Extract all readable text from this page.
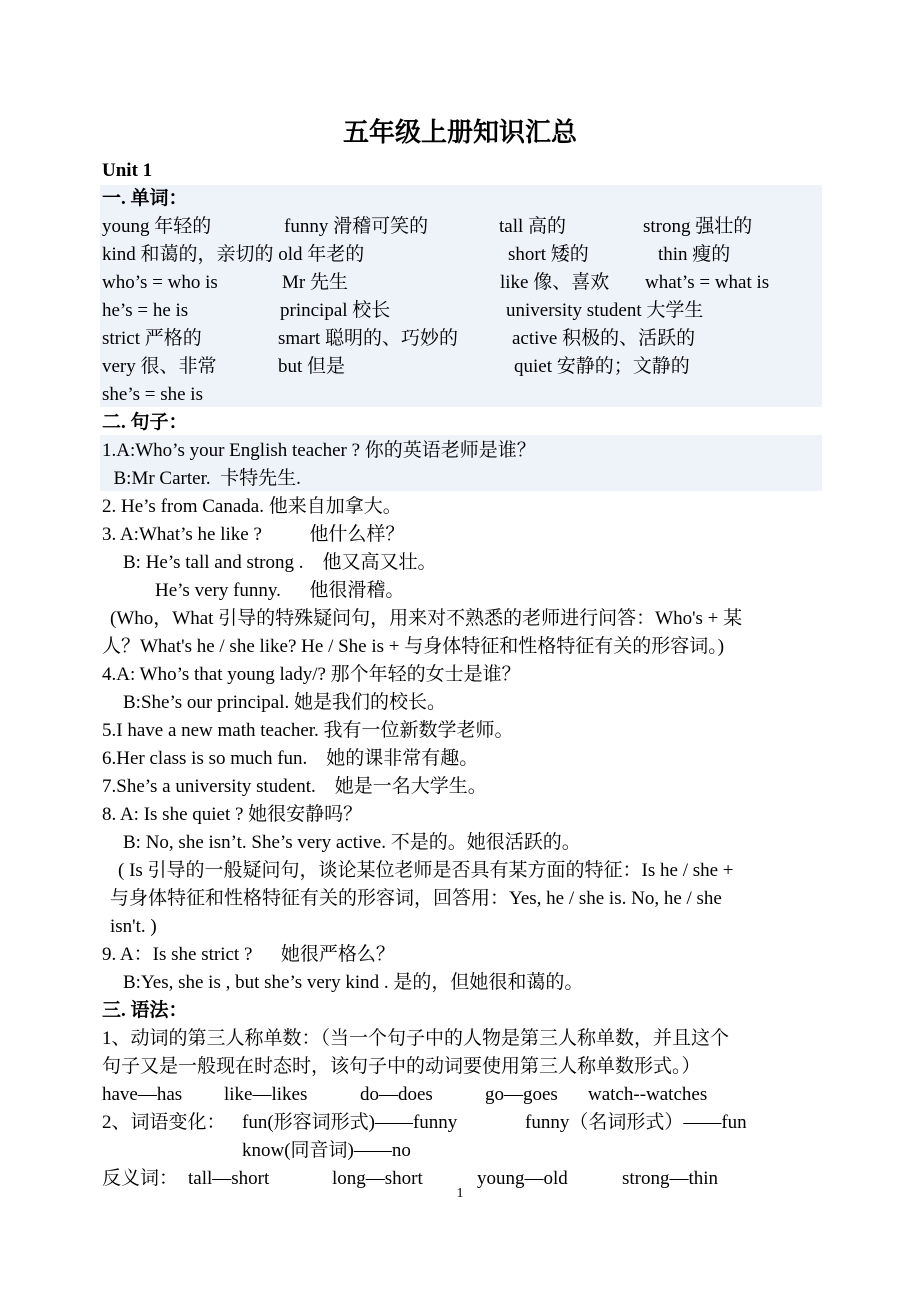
五年级上册知识汇总
Unit 1
一. 单词：
young 年轻的	funny 滑稽可笑的	tall 高的	strong 强壮的
kind 和蔼的，亲切的 old 年老的	short 矮的	thin 瘦的
who’s = who is	Mr 先生	like 像、喜欢 what’s = what is
he’s = he is	principal 校长	university student 大学生
strict 严格的	smart 聪明的、巧妙的	active 积极的、活跃的
very 很、非常	but 但是	quiet 安静的；文静的
she’s = she is
二. 句子：
1.A:Who’s your English teacher ? 你的英语老师是谁？
B:Mr Carter.  卡特先生.
2. He’s from Canada. 他来自加拿大。
3. A:What’s he like ?          他什么样？
B: He’s tall and strong .    他又高又壮。
He’s very funny.      他很滑稽。
(Who，What 引导的特殊疑问句，用来对不熟悉的老师进行问答：Who's + 某
人？What's he / she like? He / She is + 与身体特征和性格特征有关的形容词。)
4.A: Who’s that young lady/? 那个年轻的女士是谁？
B:She’s our principal. 她是我们的校长。
5.I have a new math teacher. 我有一位新数学老师。
6.Her class is so much fun.    她的课非常有趣。
7.She’s a university student.    她是一名大学生。
8. A: Is she quiet ? 她很安静吗？
B: No, she isn’t. She’s very active. 不是的。她很活跃的。
( Is 引导的一般疑问句，谈论某位老师是否具有某方面的特征：Is he / she +
与身体特征和性格特征有关的形容词，回答用：Yes, he / she is. No, he / she
isn't. )
9. A：Is she strict ?      她很严格么？
B:Yes, she is , but she’s very kind . 是的，但她很和蔼的。
三. 语法：
1、动词的第三人称单数：（当一个句子中的人物是第三人称单数，并且这个
句子又是一般现在时态时，该句子中的动词要使用第三人称单数形式。）
have—has like—likes	do—does	go—goes watch--watches
2、词语变化： fun(形容词形式)——funny	funny（名词形式）——fun
know(同音词)——no
反义词： tall—short	long—short	young—old	strong—thin
1
